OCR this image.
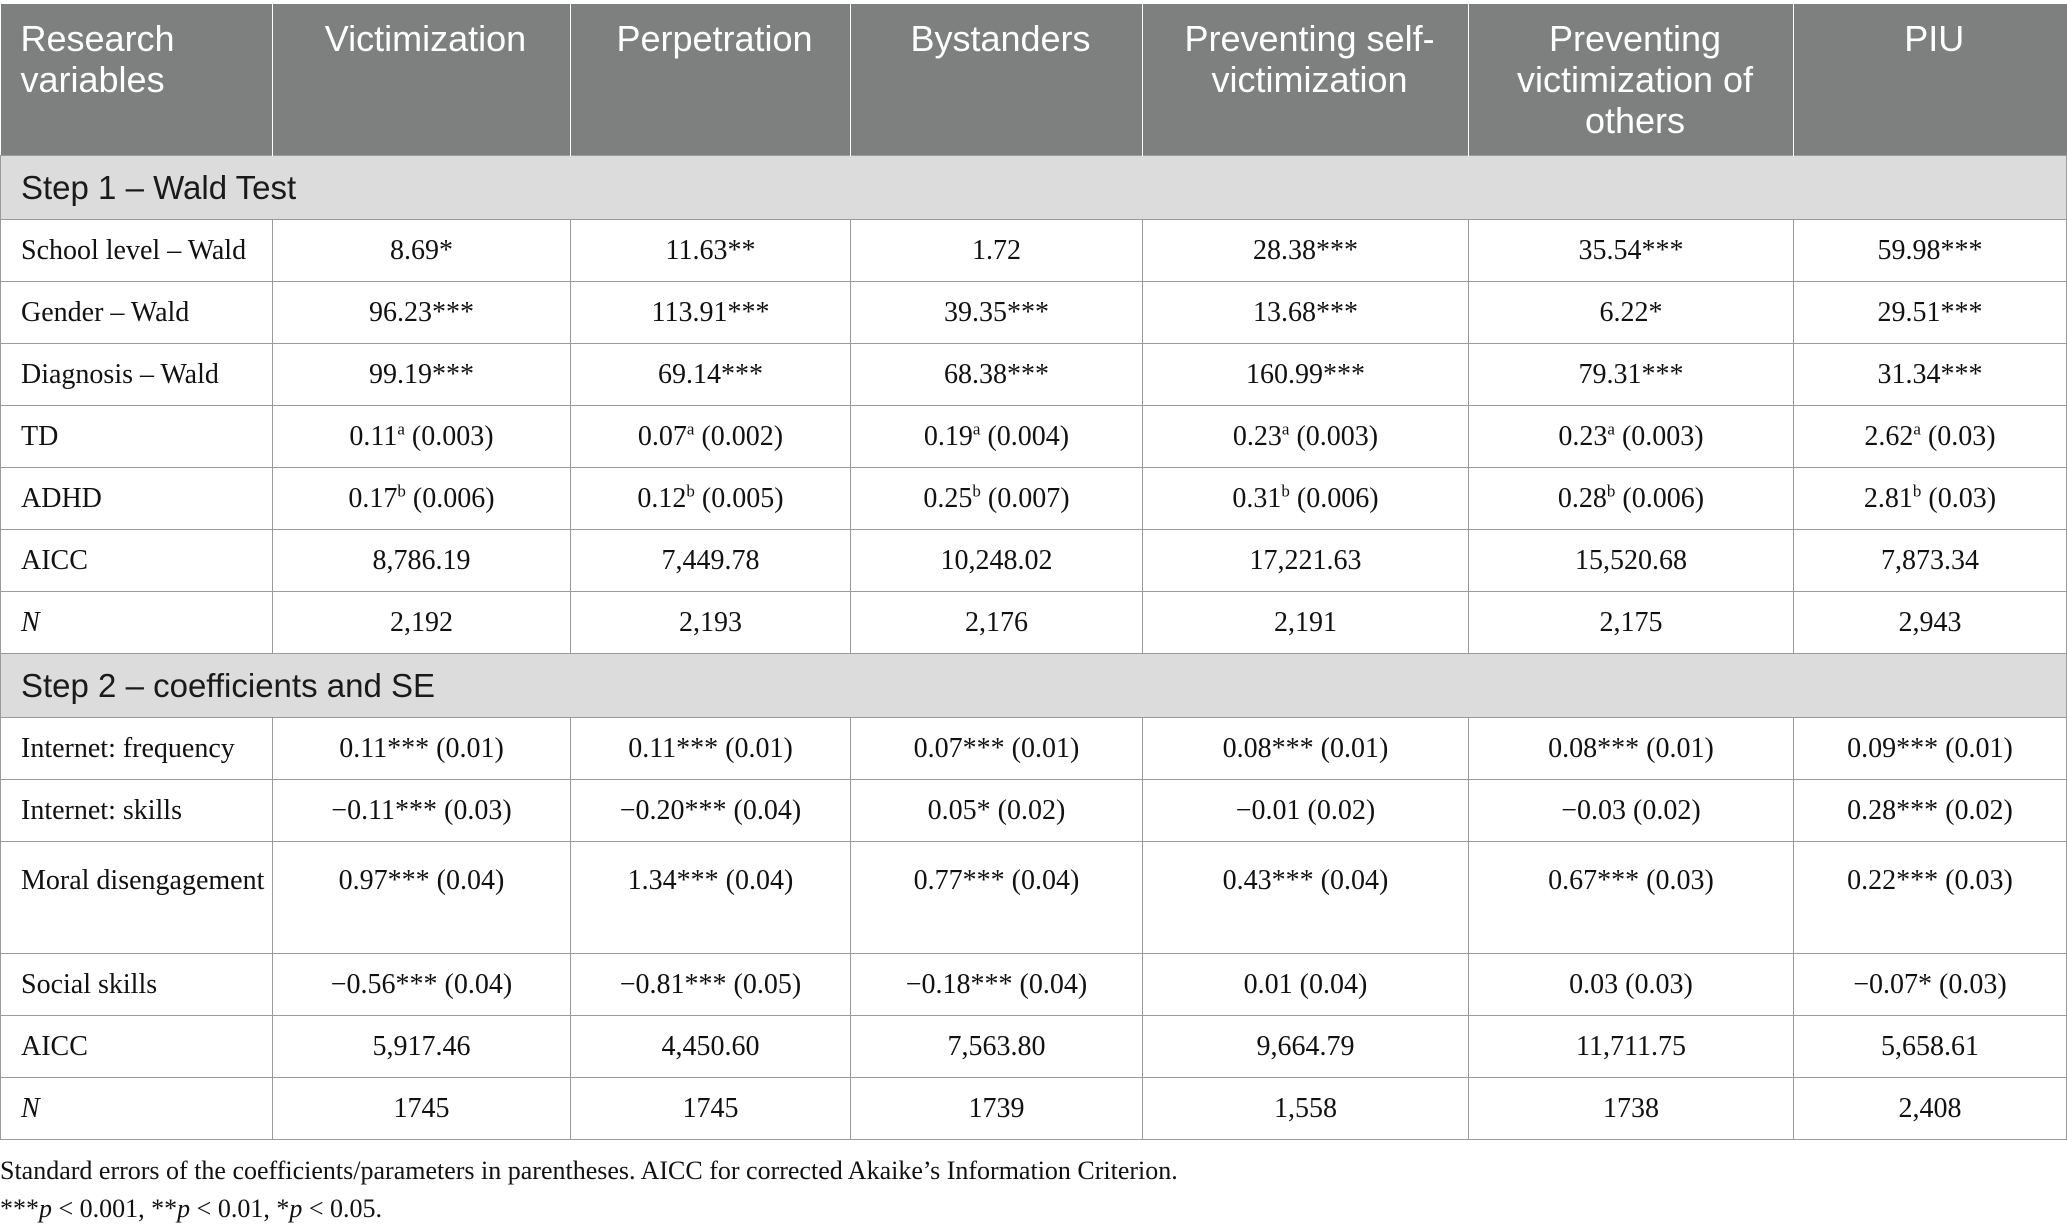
Research variables	Victimization	Perpetration	Bystanders	Preventing self-victimization	Preventing victimization of others	PIU
Step 1 – Wald Test						
School level – Wald	8.69*	11.63**	1.72	28.38***	35.54***	59.98***
Gender – Wald	96.23***	113.91***	39.35***	13.68***	6.22*	29.51***
Diagnosis – Wald	99.19***	69.14***	68.38***	160.99***	79.31***	31.34***
TD	0.11$^a$ (0.003)	0.07$^a$ (0.002)	0.19$^a$ (0.004)	0.23$^a$ (0.003)	0.23$^a$ (0.003)	2.62$^a$ (0.03)
ADHD	0.17$^b$ (0.006)	0.12$^b$ (0.005)	0.25$^b$ (0.007)	0.31$^b$ (0.006)	0.28$^b$ (0.006)	2.81$^b$ (0.03)
AICC	8,786.19	7,449.78	10,248.02	17,221.63	15,520.68	7,873.34
N	2,192	2,193	2,176	2,191	2,175	2,943
Step 2 – coefficients and SE						
Internet: frequency	0.11*** (0.01)	0.11*** (0.01)	0.07*** (0.01)	0.08*** (0.01)	0.08*** (0.01)	0.09*** (0.01)
Internet: skills	−0.11*** (0.03)	−0.20*** (0.04)	0.05* (0.02)	−0.01 (0.02)	−0.03 (0.02)	0.28*** (0.02)
Moral disengagement	0.97*** (0.04)	1.34*** (0.04)	0.77*** (0.04)	0.43*** (0.04)	0.67*** (0.03)	0.22*** (0.03)
Social skills	−0.56*** (0.04)	−0.81*** (0.05)	−0.18*** (0.04)	0.01 (0.04)	0.03 (0.03)	−0.07* (0.03)
AICC	5,917.46	4,450.60	7,563.80	9,664.79	11,711.75	5,658.61
N	1745	1745	1739	1,558	1738	2,408
Standard errors of the coefficients/parameters in parentheses. AICC for corrected Akaike’s Information Criterion.
***p < 0.001, **p < 0.01, *p < 0.05.
